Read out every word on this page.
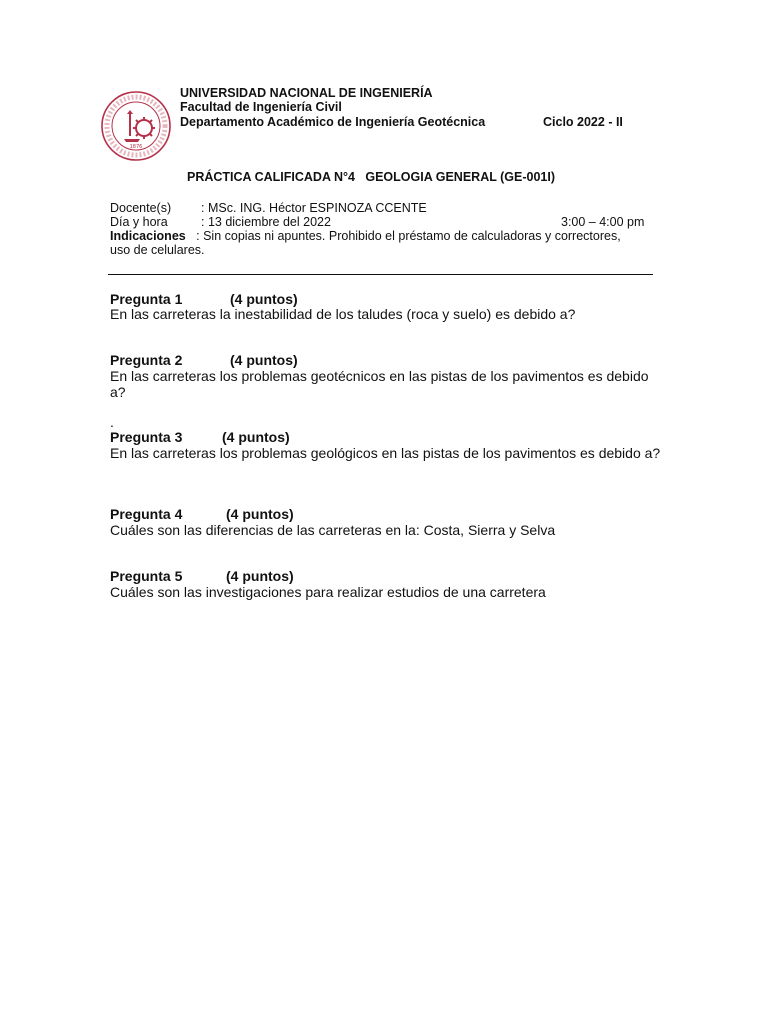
1876
UNIVERSIDAD NACIONAL DE INGENIERÍA
Facultad de Ingeniería Civil
Departamento Académico de Ingeniería Geotécnica	Ciclo 2022 - II
PRÁCTICA CALIFICADA N°4   GEOLOGIA GENERAL (GE-001I)
Docente(s) : MSc. ING. Héctor ESPINOZA CCENTE
Día y hora	: 13 diciembre del 2022	3:00 – 4:00 pm
Indicaciones   : Sin copias ni apuntes. Prohibido el préstamo de calculadoras y correctores,
uso de celulares.
Pregunta 1	(4 puntos)
En las carreteras la inestabilidad de los taludes (roca y suelo) es debido a?
Pregunta 2	(4 puntos)
En las carreteras los problemas geotécnicos en las pistas de los pavimentos es debido a?
.
Pregunta 3	(4 puntos)
En las carreteras los problemas geológicos en las pistas de los pavimentos es debido a?
Pregunta 4	(4 puntos)
Cuáles son las diferencias de las carreteras en la: Costa, Sierra y Selva
Pregunta 5	(4 puntos)
Cuáles son las investigaciones para realizar estudios de una carretera
